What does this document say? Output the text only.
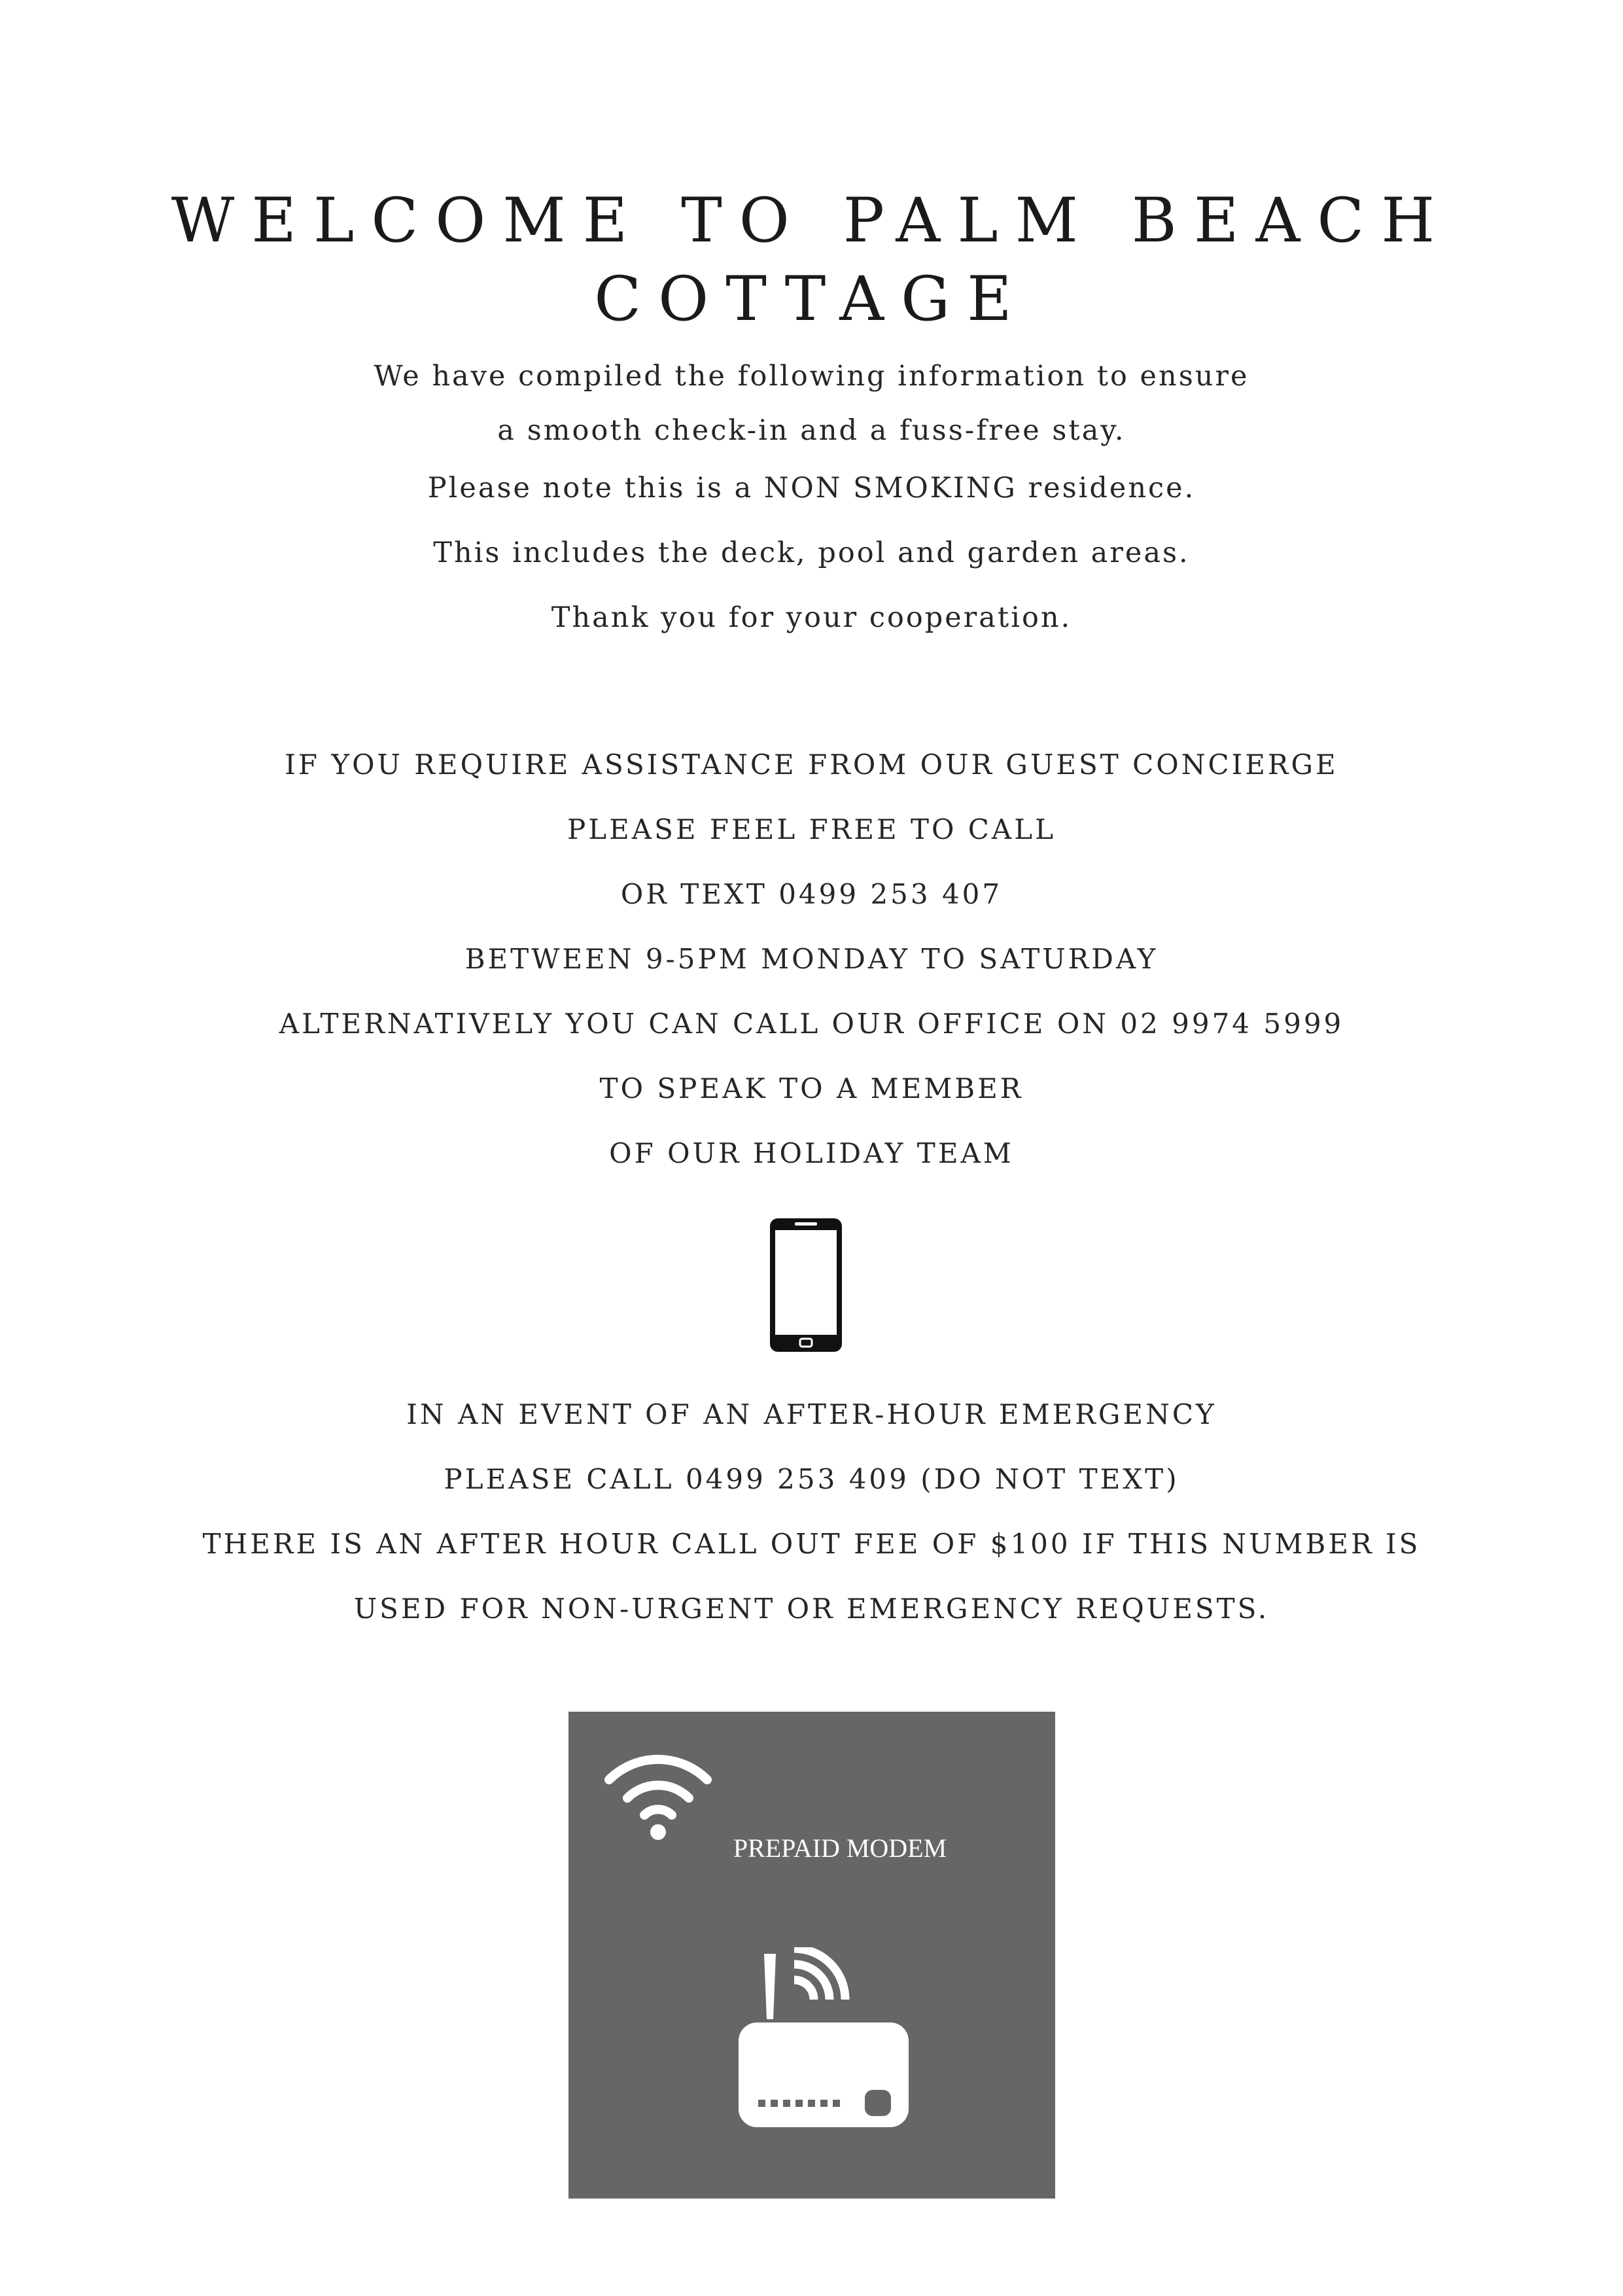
WELCOME TO PALM BEACH COTTAGE
We have compiled the following information to ensure
a smooth check-in and a fuss-free stay.
Please note this is a NON SMOKING residence.
This includes the deck, pool and garden areas.
Thank you for your cooperation.
IF YOU REQUIRE ASSISTANCE FROM OUR GUEST CONCIERGE
PLEASE FEEL FREE TO CALL
OR TEXT 0499 253 407
BETWEEN 9-5PM MONDAY TO SATURDAY
ALTERNATIVELY YOU CAN CALL OUR OFFICE ON 02 9974 5999
TO SPEAK TO A MEMBER
OF OUR HOLIDAY TEAM
IN AN EVENT OF AN AFTER-HOUR EMERGENCY
PLEASE CALL 0499 253 409 (DO NOT TEXT)
THERE IS AN AFTER HOUR CALL OUT FEE OF $100 IF THIS NUMBER IS
USED FOR NON-URGENT OR EMERGENCY REQUESTS.
PREPAID MODEM
